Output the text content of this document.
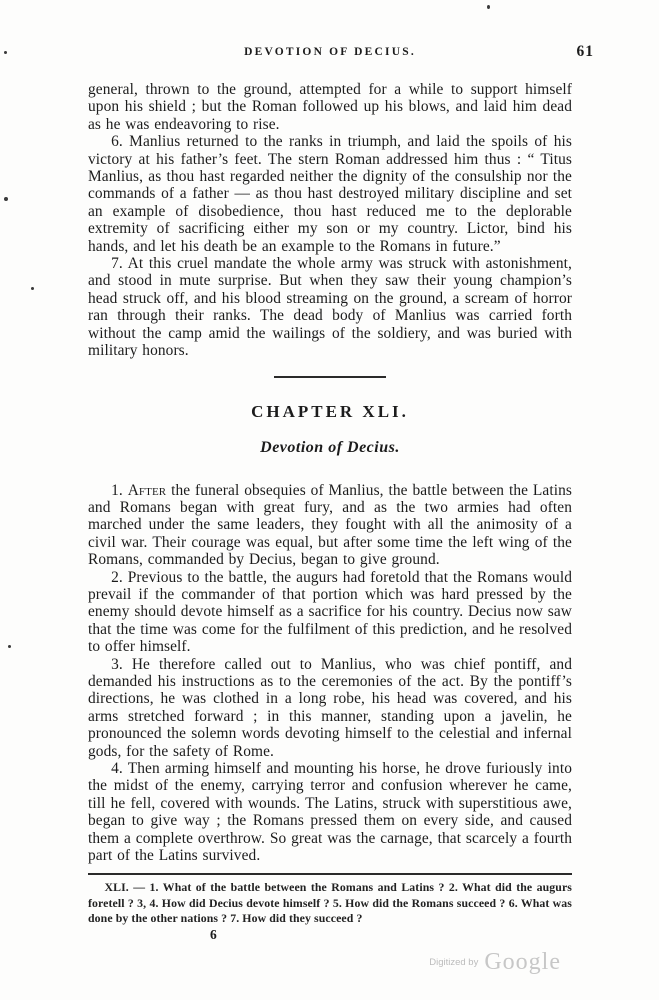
DEVOTION OF DECIUS.	61

general, thrown to the ground, attempted for a while to support himself upon his shield ; but the Roman followed up his blows, and laid him dead as he was endeavoring to rise.

6. Manlius returned to the ranks in triumph, and laid the spoils of his victory at his father’s feet. The stern Roman addressed him thus : “ Titus Manlius, as thou hast regarded neither the dignity of the consulship nor the commands of a father — as thou hast destroyed military discipline and set an example of disobedience, thou hast reduced me to the deplorable extremity of sacrificing either my son or my country. Lictor, bind his hands, and let his death be an example to the Romans in future.”

7. At this cruel mandate the whole army was struck with astonishment, and stood in mute surprise. But when they saw their young champion’s head struck off, and his blood streaming on the ground, a scream of horror ran through their ranks. The dead body of Manlius was carried forth without the camp amid the wailings of the soldiery, and was buried with military honors.

CHAPTER XLI.
Devotion of Decius.

1. After the funeral obsequies of Manlius, the battle between the Latins and Romans began with great fury, and as the two armies had often marched under the same leaders, they fought with all the animosity of a civil war. Their courage was equal, but after some time the left wing of the Romans, commanded by Decius, began to give ground.

2. Previous to the battle, the augurs had foretold that the Romans would prevail if the commander of that portion which was hard pressed by the enemy should devote himself as a sacrifice for his country. Decius now saw that the time was come for the fulfilment of this prediction, and he resolved to offer himself.

3. He therefore called out to Manlius, who was chief pontiff, and demanded his instructions as to the ceremonies of the act. By the pontiff’s directions, he was clothed in a long robe, his head was covered, and his arms stretched forward ; in this manner, standing upon a javelin, he pronounced the solemn words devoting himself to the celestial and infernal gods, for the safety of Rome.

4. Then arming himself and mounting his horse, he drove furiously into the midst of the enemy, carrying terror and confusion wherever he came, till he fell, covered with wounds. The Latins, struck with superstitious awe, began to give way ; the Romans pressed them on every side, and caused them a complete overthrow. So great was the carnage, that scarcely a fourth part of the Latins survived.

XLI. — 1. What of the battle between the Romans and Latins ? 2. What did the augurs foretell ? 3, 4. How did Decius devote himself ? 5. How did the Romans succeed ? 6. What was done by the other nations ? 7. How did they succeed ?

6
Digitized by Google
